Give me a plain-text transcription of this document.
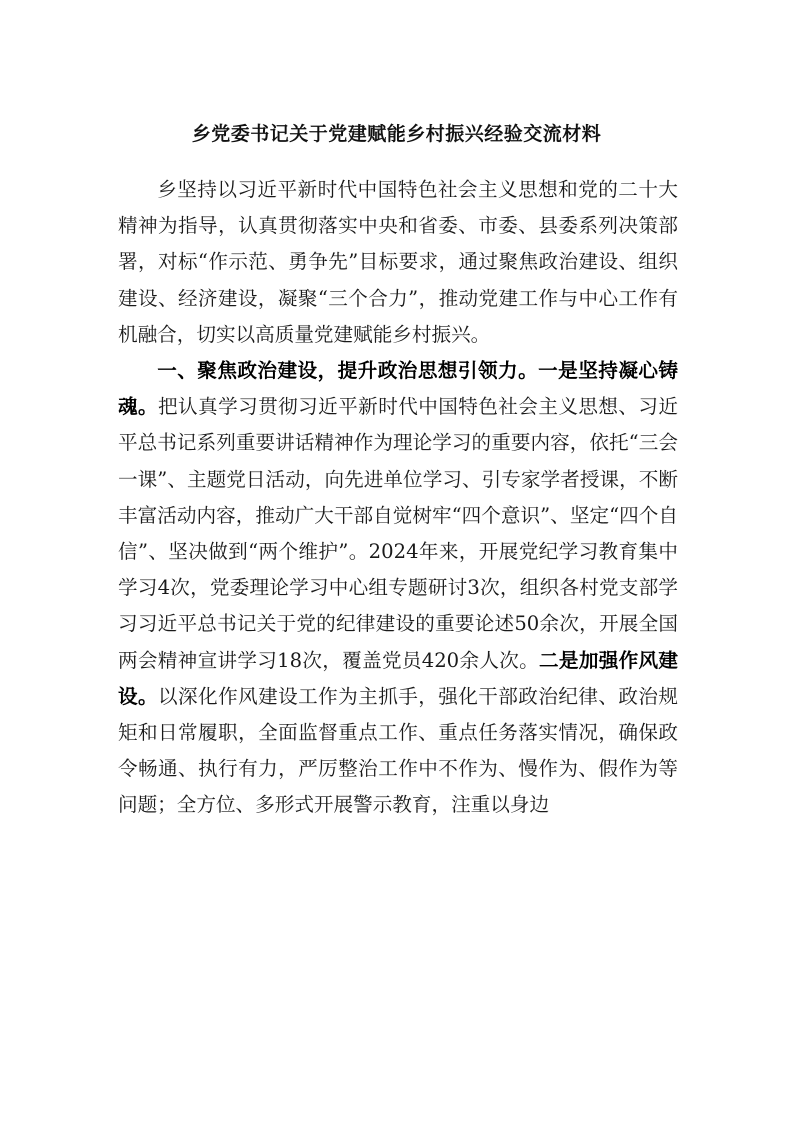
乡党委书记关于党建赋能乡村振兴经验交流材料

乡坚持以习近平新时代中国特色社会主义思想和党的二十大精神为指导，认真贯彻落实中央和省委、市委、县委系列决策部署，对标“作示范、勇争先”目标要求，通过聚焦政治建设、组织建设、经济建设，凝聚“三个合力”，推动党建工作与中心工作有机融合，切实以高质量党建赋能乡村振兴。

一、聚焦政治建设，提升政治思想引领力。一是坚持凝心铸魂。把认真学习贯彻习近平新时代中国特色社会主义思想、习近平总书记系列重要讲话精神作为理论学习的重要内容，依托“三会一课”、主题党日活动，向先进单位学习、引专家学者授课，不断丰富活动内容，推动广大干部自觉树牢“四个意识”、坚定“四个自信”、坚决做到“两个维护”。2024年来，开展党纪学习教育集中学习4次，党委理论学习中心组专题研讨3次，组织各村党支部学习习近平总书记关于党的纪律建设的重要论述50余次，开展全国两会精神宣讲学习18次，覆盖党员420余人次。二是加强作风建设。以深化作风建设工作为主抓手，强化干部政治纪律、政治规矩和日常履职，全面监督重点工作、重点任务落实情况，确保政令畅通、执行有力，严厉整治工作中不作为、慢作为、假作为等问题；全方位、多形式开展警示教育，注重以身边
